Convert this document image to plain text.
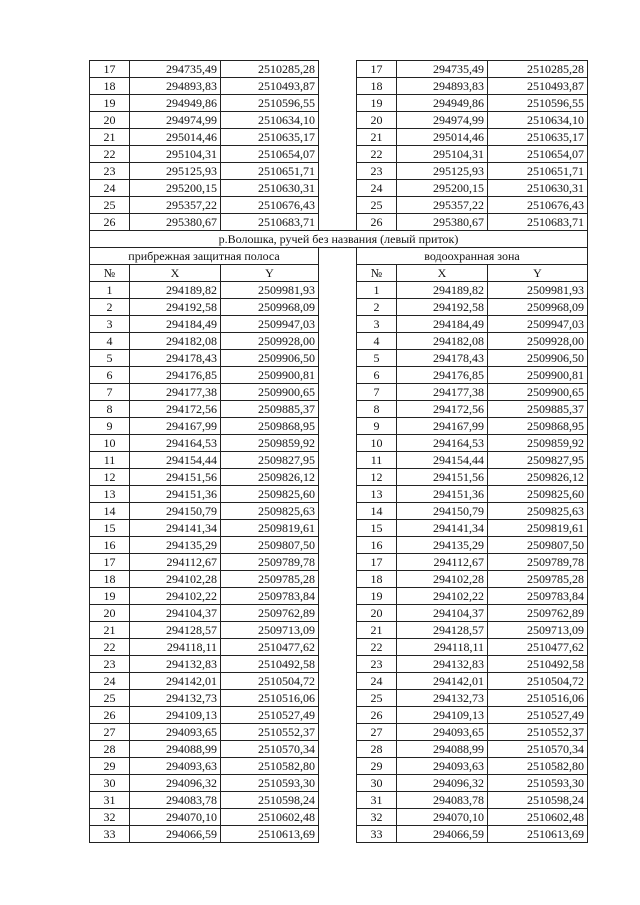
17	294735,49	2510285,28		17	294735,49	2510285,28
18	294893,83	2510493,87		18	294893,83	2510493,87
19	294949,86	2510596,55		19	294949,86	2510596,55
20	294974,99	2510634,10		20	294974,99	2510634,10
21	295014,46	2510635,17		21	295014,46	2510635,17
22	295104,31	2510654,07		22	295104,31	2510654,07
23	295125,93	2510651,71		23	295125,93	2510651,71
24	295200,15	2510630,31		24	295200,15	2510630,31
25	295357,22	2510676,43		25	295357,22	2510676,43
26	295380,67	2510683,71		26	295380,67	2510683,71
р.Волошка, ручей без названия (левый приток)						
прибрежная защитная полоса				водоохранная зона		
№	X	Y		№	X	Y
1	294189,82	2509981,93		1	294189,82	2509981,93
2	294192,58	2509968,09		2	294192,58	2509968,09
3	294184,49	2509947,03		3	294184,49	2509947,03
4	294182,08	2509928,00		4	294182,08	2509928,00
5	294178,43	2509906,50		5	294178,43	2509906,50
6	294176,85	2509900,81		6	294176,85	2509900,81
7	294177,38	2509900,65		7	294177,38	2509900,65
8	294172,56	2509885,37		8	294172,56	2509885,37
9	294167,99	2509868,95		9	294167,99	2509868,95
10	294164,53	2509859,92		10	294164,53	2509859,92
11	294154,44	2509827,95		11	294154,44	2509827,95
12	294151,56	2509826,12		12	294151,56	2509826,12
13	294151,36	2509825,60		13	294151,36	2509825,60
14	294150,79	2509825,63		14	294150,79	2509825,63
15	294141,34	2509819,61		15	294141,34	2509819,61
16	294135,29	2509807,50		16	294135,29	2509807,50
17	294112,67	2509789,78		17	294112,67	2509789,78
18	294102,28	2509785,28		18	294102,28	2509785,28
19	294102,22	2509783,84		19	294102,22	2509783,84
20	294104,37	2509762,89		20	294104,37	2509762,89
21	294128,57	2509713,09		21	294128,57	2509713,09
22	294118,11	2510477,62		22	294118,11	2510477,62
23	294132,83	2510492,58		23	294132,83	2510492,58
24	294142,01	2510504,72		24	294142,01	2510504,72
25	294132,73	2510516,06		25	294132,73	2510516,06
26	294109,13	2510527,49		26	294109,13	2510527,49
27	294093,65	2510552,37		27	294093,65	2510552,37
28	294088,99	2510570,34		28	294088,99	2510570,34
29	294093,63	2510582,80		29	294093,63	2510582,80
30	294096,32	2510593,30		30	294096,32	2510593,30
31	294083,78	2510598,24		31	294083,78	2510598,24
32	294070,10	2510602,48		32	294070,10	2510602,48
33	294066,59	2510613,69		33	294066,59	2510613,69
